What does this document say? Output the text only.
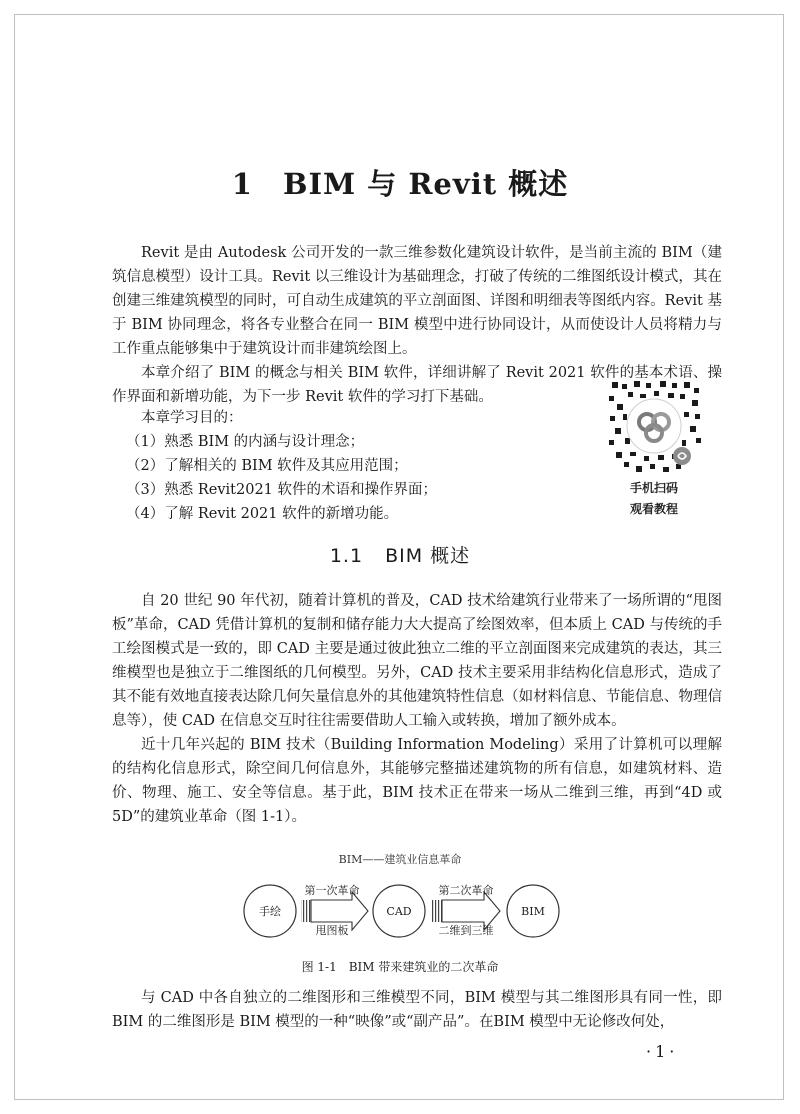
1 BIM 与 Revit 概述

Revit 是由 Autodesk 公司开发的一款三维参数化建筑设计软件，是当前主流的 BIM（建筑信息模型）设计工具。Revit 以三维设计为基础理念，打破了传统的二维图纸设计模式，其在创建三维建筑模型的同时，可自动生成建筑的平立剖面图、详图和明细表等图纸内容。Revit 基于 BIM 协同理念，将各专业整合在同一 BIM 模型中进行协同设计，从而使设计人员将精力与工作重点能够集中于建筑设计而非建筑绘图上。

本章介绍了 BIM 的概念与相关 BIM 软件，详细讲解了 Revit 2021 软件的基本术语、操作界面和新增功能，为下一步 Revit 软件的学习打下基础。

本章学习目的：
（1）熟悉 BIM 的内涵与设计理念；
（2）了解相关的 BIM 软件及其应用范围；
（3）熟悉 Revit2021 软件的术语和操作界面；
（4）了解 Revit 2021 软件的新增功能。
手机扫码
观看教程
1.1 BIM 概述

自 20 世纪 90 年代初，随着计算机的普及，CAD 技术给建筑行业带来了一场所谓的“甩图板”革命，CAD 凭借计算机的复制和储存能力大大提高了绘图效率，但本质上 CAD 与传统的手工绘图模式是一致的，即 CAD 主要是通过彼此独立二维的平立剖面图来完成建筑的表达，其三维模型也是独立于二维图纸的几何模型。另外，CAD 技术主要采用非结构化信息形式，造成了其不能有效地直接表达除几何矢量信息外的其他建筑特性信息（如材料信息、节能信息、物理信息等），使 CAD 在信息交互时往往需要借助人工输入或转换，增加了额外成本。

近十几年兴起的 BIM 技术（Building Information Modeling）采用了计算机可以理解的结构化信息形式，除空间几何信息外，其能够完整描述建筑物的所有信息，如建筑材料、造价、物理、施工、安全等信息。基于此，BIM 技术正在带来一场从二维到三维，再到“4D 或 5D”的建筑业革命（图 1-1）。

BIM——建筑业信息革命
手绘	CAD	BIM
第一次革命
甩图板
第二次革命
二维到三维
图 1-1　BIM 带来建筑业的二次革命

与 CAD 中各自独立的二维图形和三维模型不同，BIM 模型与其二维图形具有同一性，即BIM 的二维图形是 BIM 模型的一种“映像”或“副产品”。在BIM 模型中无论修改何处，

·1·
